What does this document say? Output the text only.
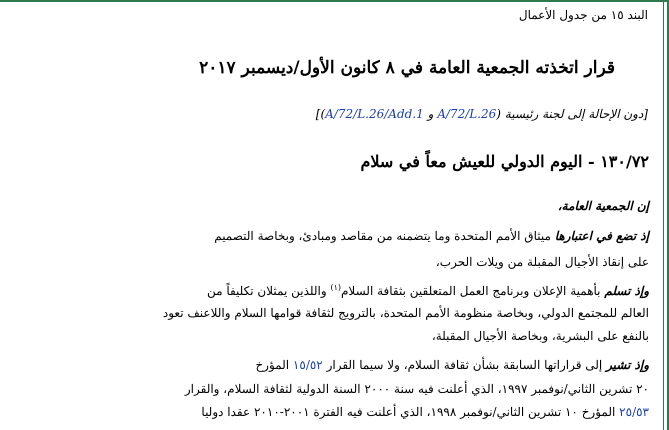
البند ١٥ من جدول الأعمال
قرار اتخذته الجمعية العامة في ٨ كانون الأول/ديسمبر ٢٠١٧
[دون الإحالة إلى لجنة رئيسية (A/72/L.26 و A/72/L.26/Add.1)]
١٣٠/٧٢ - اليوم الدولي للعيش معاً في سلام
إن الجمعية العامة،
إذ تضع في اعتبارها ميثاق الأمم المتحدة وما يتضمنه من مقاصد ومبادئ، وبخاصة التصميم
على إنقاذ الأجيال المقبلة من ويلات الحرب،
وإذ تسلم بأهمية الإعلان وبرنامج العمل المتعلقين بثقافة السلام$^{(١)}$ واللذين يمثلان تكليفاً من
العالم للمجتمع الدولي، وبخاصة منظومة الأمم المتحدة، بالترويج لثقافة قوامها السلام واللاعنف تعود
بالنفع على البشرية، وبخاصة الأجيال المقبلة،
وإذ تشير إلى قراراتها السابقة بشأن ثقافة السلام، ولا سيما القرار ١٥/٥٢ المؤرخ
٢٠ تشرين الثاني/نوفمبر ١٩٩٧، الذي أعلنت فيه سنة ٢٠٠٠ السنة الدولية لثقافة السلام، والقرار
٢٥/٥٣ المؤرخ ١٠ تشرين الثاني/نوفمبر ١٩٩٨، الذي أعلنت فيه الفترة ٢٠٠١-٢٠١٠ عقدا دوليا
